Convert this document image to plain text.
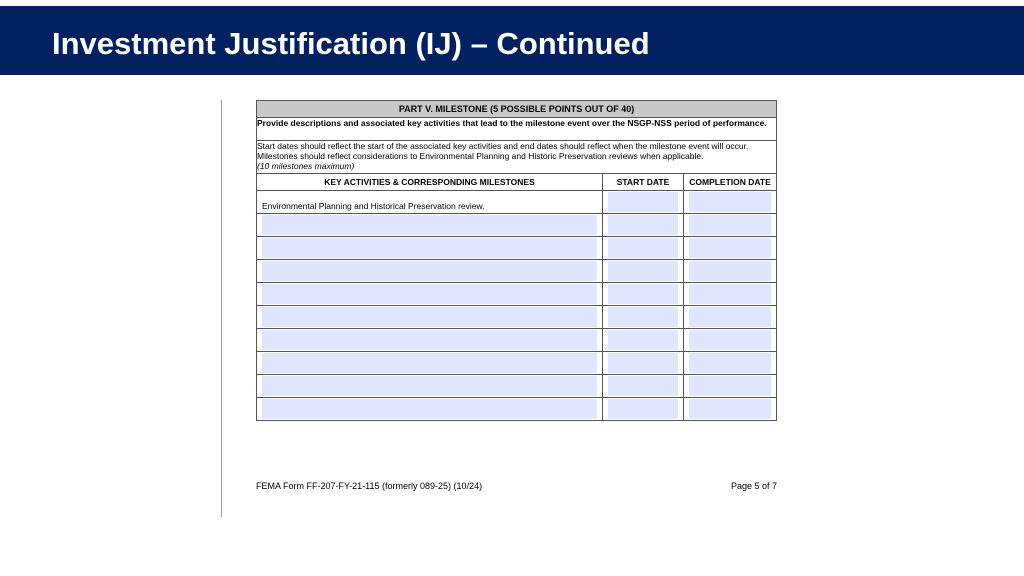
Investment Justification (IJ) – Continued
PART V. MILESTONE (5 POSSIBLE POINTS OUT OF 40)		
Provide descriptions and associated key activities that lead to the milestone event over the NSGP-NSS period of performance.		

Start dates should reflect the start of the associated key activities and end dates should reflect when the milestone event will occur.
Milestones should reflect considerations to Environmental Planning and Historic Preservation reviews when applicable.
(10 milestones maximum)		

KEY ACTIVITIES & CORRESPONDING MILESTONES	START DATE	COMPLETION DATE

Environmental Planning and Historical Preservation review.		

FEMA Form FF-207-FY-21-115 (formerly 089-25) (10/24)	Page 5 of 7
